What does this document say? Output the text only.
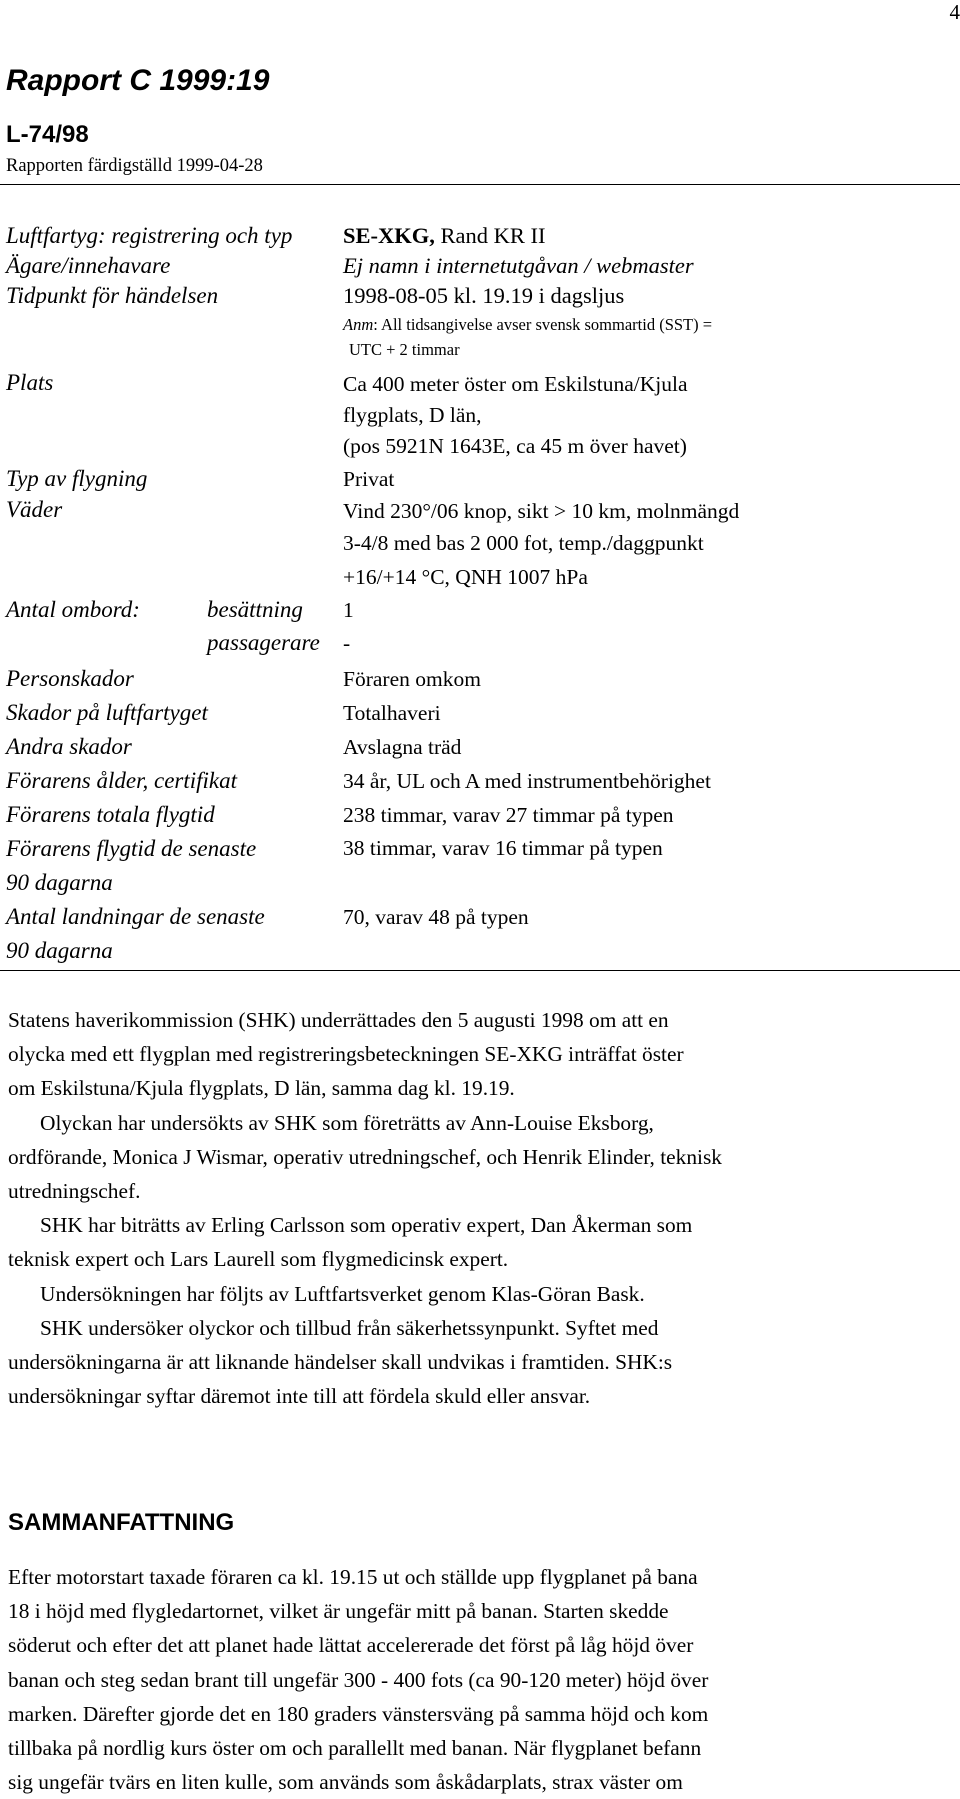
4
Rapport C 1999:19
L-74/98
Rapporten färdigställd 1999-04-28
Luftfartyg: registrering och typ SE-XKG, Rand KR II
Ägare/innehavare	Ej namn i internetutgåvan / webmaster
Tidpunkt för händelsen	1998-08-05 kl. 19.19 i dagsljus
Anm: All tidsangivelse avser svensk sommartid (SST) =
UTC + 2 timmar
Plats	Ca 400 meter öster om Eskilstuna/Kjula
flygplats, D län,
(pos 5921N 1643E, ca 45 m över havet)
Typ av flygning	Privat
Väder	Vind 230°/06 knop, sikt > 10 km, molnmängd
3-4/8 med bas 2 000 fot, temp./daggpunkt
+16/+14 °C, QNH 1007 hPa
Antal ombord:	besättning 1
passagerare -
Personskador	Föraren omkom
Skador på luftfartyget	Totalhaveri
Andra skador	Avslagna träd
Förarens ålder, certifikat	34 år, UL och A med instrumentbehörighet
Förarens totala flygtid	238 timmar, varav 27 timmar på typen
Förarens flygtid de senaste	38 timmar, varav 16 timmar på typen
90 dagarna
Antal landningar de senaste	70, varav 48 på typen
90 dagarna
Statens haverikommission (SHK) underrättades den 5 augusti 1998 om att en
olycka med ett flygplan med registreringsbeteckningen SE-XKG inträffat öster
om Eskilstuna/Kjula flygplats, D län, samma dag kl. 19.19.
Olyckan har undersökts av SHK som företrätts av Ann-Louise Eksborg,
ordförande, Monica J Wismar, operativ utredningschef, och Henrik Elinder, teknisk
utredningschef.
SHK har biträtts av Erling Carlsson som operativ expert, Dan Åkerman som
teknisk expert och Lars Laurell som flygmedicinsk expert.
Undersökningen har följts av Luftfartsverket genom Klas-Göran Bask.
SHK undersöker olyckor och tillbud från säkerhetssynpunkt. Syftet med
undersökningarna är att liknande händelser skall undvikas i framtiden. SHK:s
undersökningar syftar däremot inte till att fördela skuld eller ansvar.
SAMMANFATTNING
Efter motorstart taxade föraren ca kl. 19.15 ut och ställde upp flygplanet på bana
18 i höjd med flygledartornet, vilket är ungefär mitt på banan. Starten skedde
söderut och efter det att planet hade lättat accelererade det först på låg höjd över
banan och steg sedan brant till ungefär 300 - 400 fots (ca 90-120 meter) höjd över
marken. Därefter gjorde det en 180 graders vänstersväng på samma höjd och kom
tillbaka på nordlig kurs öster om och parallellt med banan. När flygplanet befann
sig ungefär tvärs en liten kulle, som används som åskådarplats, strax väster om
